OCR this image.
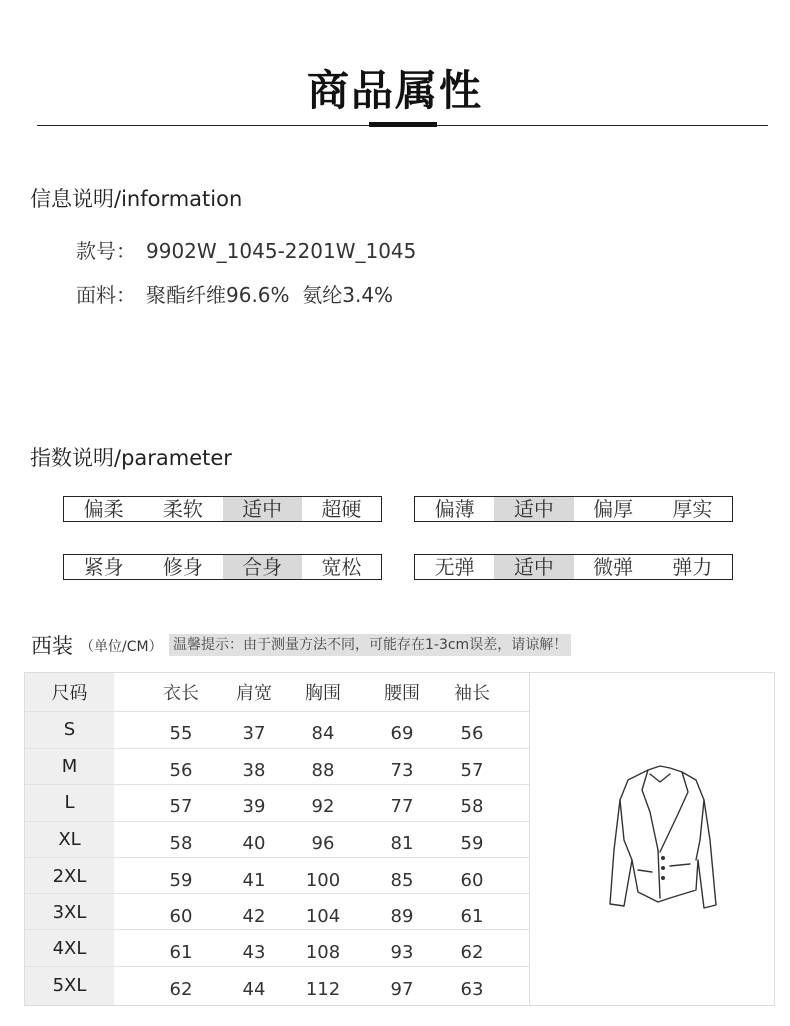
商品属性
信息说明/information
款号： 9902W_1045-2201W_1045
面料： 聚酯纤维96.6%  氨纶3.4%
指数说明/parameter
偏柔	柔软	适中	超硬	偏薄	适中	偏厚	厚实
紧身	修身	合身	宽松	无弹	适中	微弹	弹力
西装 （单位/CM） 温馨提示：由于测量方法不同，可能存在1-3cm误差，请谅解！
尺码	衣长	肩宽	胸围	腰围	袖长
S	55	37	84	69	56
M	56	38	88	73	57
L	57	39	92	77	58
XL	58	40	96	81	59
2XL	59	41	100	85	60
3XL	60	42	104	89	61
4XL	61	43	108	93	62
5XL	62	44	112	97	63
